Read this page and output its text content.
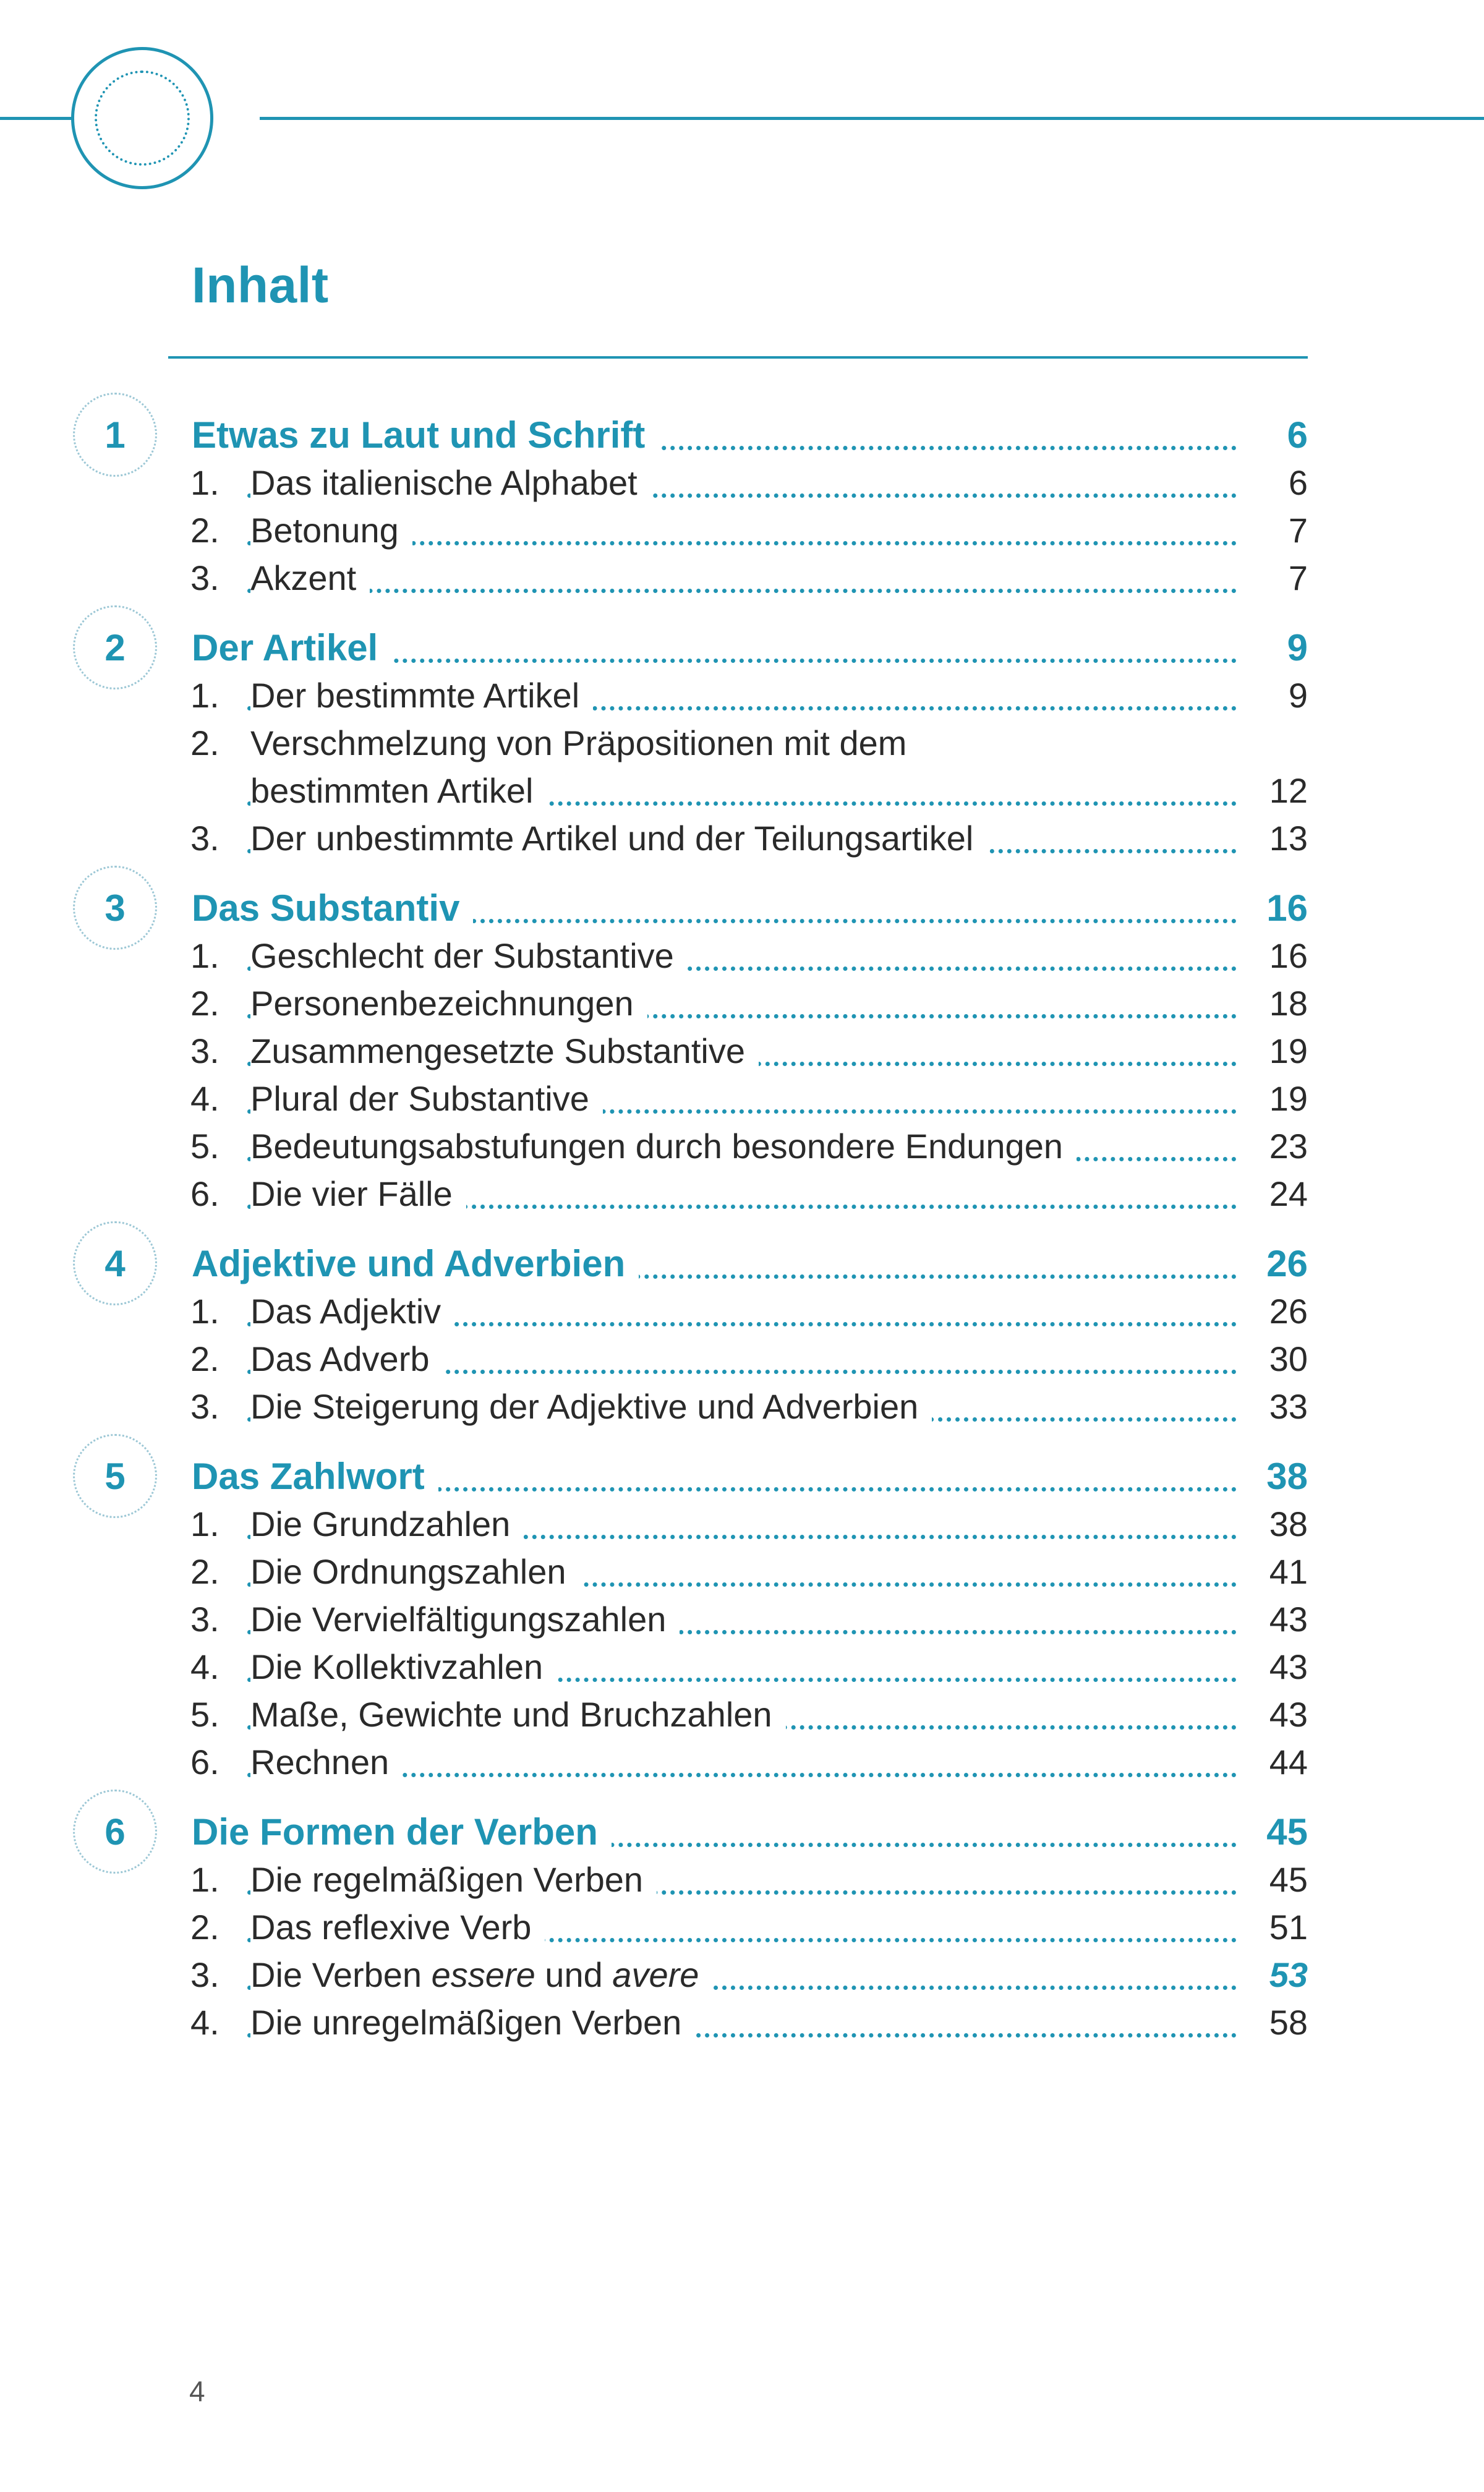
Inhalt
1	Etwas zu Laut und Schrift	6
1. Das italienische Alphabet	6
2. Betonung	7
3. Akzent	7
2	Der Artikel	9
1. Der bestimmte Artikel	9
2. Verschmelzung von Präpositionen mit dem
bestimmten Artikel	12
3. Der unbestimmte Artikel und der Teilungsartikel	13
3	Das Substantiv	16
1. Geschlecht der Substantive	16
2. Personenbezeichnungen	18
3. Zusammengesetzte Substantive	19
4. Plural der Substantive	19
5. Bedeutungsabstufungen durch besondere Endungen	23
6. Die vier Fälle	24
4	Adjektive und Adverbien	26
1. Das Adjektiv	26
2. Das Adverb	30
3. Die Steigerung der Adjektive und Adverbien	33
5	Das Zahlwort	38
1. Die Grundzahlen	38
2. Die Ordnungszahlen	41
3. Die Vervielfältigungszahlen	43
4. Die Kollektivzahlen	43
5. Maße, Gewichte und Bruchzahlen	43
6. Rechnen	44
6	Die Formen der Verben	45
1. Die regelmäßigen Verben	45
2. Das reflexive Verb	51
3. Die Verben essere und avere	53
4. Die unregelmäßigen Verben	58
4
